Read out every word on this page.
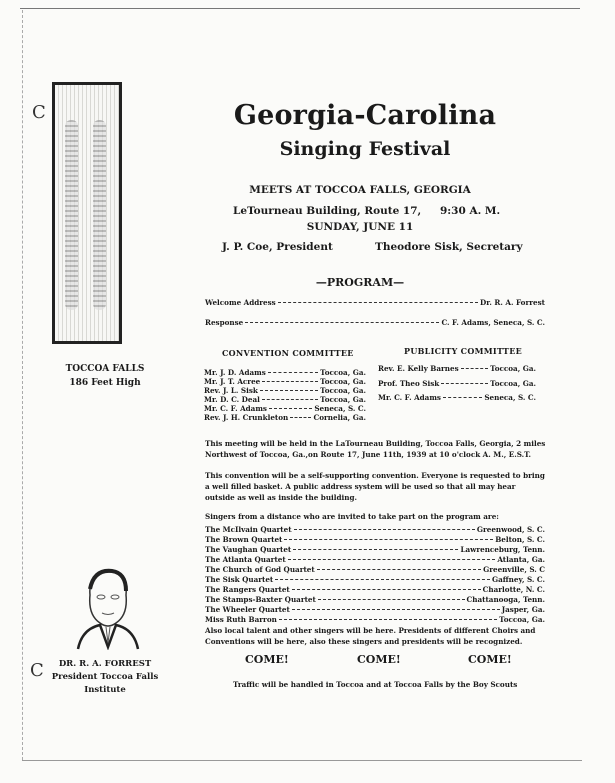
C
C
TOCCOA FALLS
186 Feet High
DR. R. A. FORREST
President Toccoa Falls
Institute
Georgia-Carolina
Singing Festival
MEETS AT TOCCOA FALLS, GEORGIA
LeTourneau Building, Route 17, 9:30 A. M.
SUNDAY, JUNE 11
J. P. Coe, President	Theodore Sisk, Secretary
—PROGRAM—
Welcome Address	Dr. R. A. Forrest
Response	C. F. Adams, Seneca, S. C.
CONVENTION COMMITTEE
Mr. J. D. Adams	Toccoa, Ga.
Mr. J. T. Acree	Toccoa, Ga.
Rev. J. L. Sisk	Toccoa, Ga.
Mr. D. C. Deal	Toccoa, Ga.
Mr. C. F. Adams	Seneca, S. C.
Rev. J. H. Crunkleton	Cornelia, Ga.
PUBLICITY COMMITTEE
Rev. E. Kelly Barnes	Toccoa, Ga.
Prof. Theo Sisk	Toccoa, Ga.
Mr. C. F. Adams	Seneca, S. C.
This meeting will be held in the LaTourneau Building, Toccoa Falls, Georgia, 2 miles
Northwest of Toccoa, Ga.,on Route 17, June 11th, 1939 at 10 o'clock A. M., E.S.T.
This convention will be a self-supporting convention. Everyone is requested to bring
a well filled basket. A public address system will be used so that all may hear
outside as well as inside the building.
Singers from a distance who are invited to take part on the program are:
The McIlvain Quartet	Greenwood, S. C.
The Brown Quartet	Belton, S. C.
The Vaughan Quartet	Lawrenceburg, Tenn.
The Atlanta Quartet	Atlanta, Ga.
The Church of God Quartet	Greenville, S. C
The Sisk Quartet	Gaffney, S. C.
The Rangers Quartet	Charlotte, N. C.
The Stamps-Baxter Quartet	Chattanooga, Tenn.
The Wheeler Quartet	Jasper, Ga.
Miss Ruth Barron	Toccoa, Ga.
Also local talent and other singers will be here. Presidents of different Choirs and
Conventions will be here, also these singers and presidents will be recognized.
COME!	COME!	COME!
Traffic will be handled in Toccoa and at Toccoa Falls by the Boy Scouts
